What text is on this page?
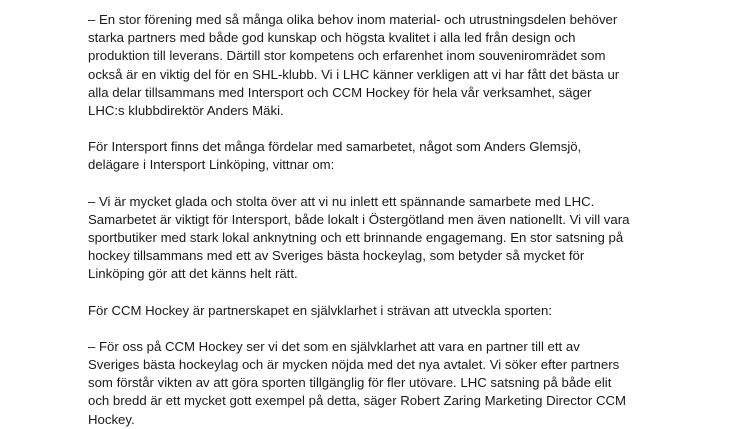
– En stor förening med så många olika behov inom material- och utrustningsdelen behöver
starka partners med både god kunskap och högsta kvalitet i alla led från design och
produktion till leverans. Därtill stor kompetens och erfarenhet inom souveniromrädet som
också är en viktig del för en SHL-klubb. Vi i LHC känner verkligen att vi har fått det bästa ur
alla delar tillsammans med Intersport och CCM Hockey för hela vår verksamhet, säger
LHC:s klubbdirektör Anders Mäki.

För Intersport finns det många fördelar med samarbetet, något som Anders Glemsjö,
delägare i Intersport Linköping, vittnar om:

– Vi är mycket glada och stolta över att vi nu inlett ett spännande samarbete med LHC.
Samarbetet är viktigt för Intersport, både lokalt i Östergötland men även nationellt. Vi vill vara
sportbutiker med stark lokal anknytning och ett brinnande engagemang. En stor satsning på
hockey tillsammans med ett av Sveriges bästa hockeylag, som betyder så mycket för
Linköping gör att det känns helt rätt.

För CCM Hockey är partnerskapet en självklarhet i strävan att utveckla sporten:

– För oss på CCM Hockey ser vi det som en självklarhet att vara en partner till ett av
Sveriges bästa hockeylag och är mycken nöjda med det nya avtalet. Vi söker efter partners
som förstår vikten av att göra sporten tillgänglig för fler utövare. LHC satsning på både elit
och bredd är ett mycket gott exempel på detta, säger Robert Zaring Marketing Director CCM
Hockey.
